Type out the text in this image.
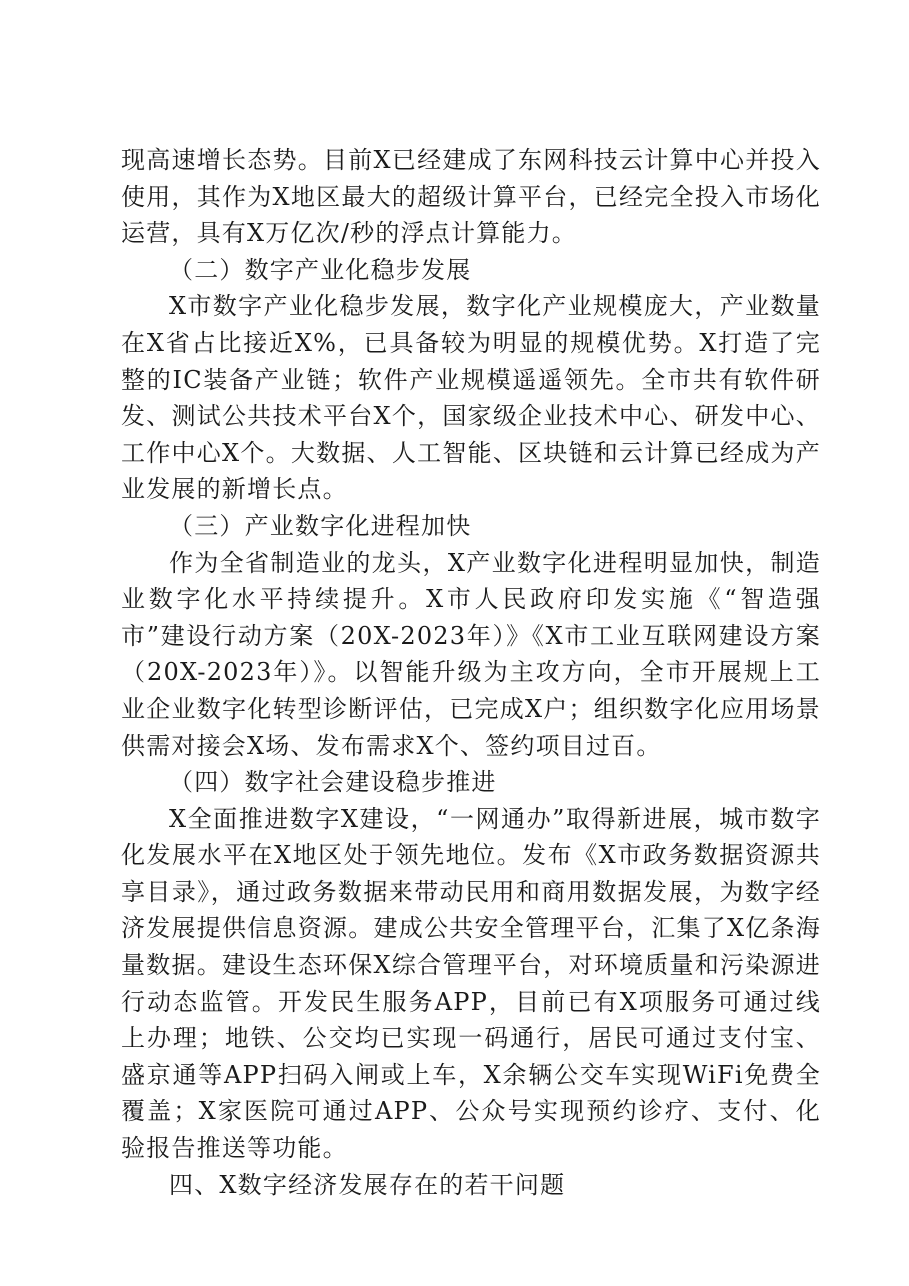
现高速增长态势。目前X已经建成了东网科技云计算中心并投入使用，其作为X地区最大的超级计算平台，已经完全投入市场化运营，具有X万亿次/秒的浮点计算能力。

（二）数字产业化稳步发展

X市数字产业化稳步发展，数字化产业规模庞大，产业数量在X省占比接近X%，已具备较为明显的规模优势。X打造了完整的IC装备产业链；软件产业规模遥遥领先。全市共有软件研发、测试公共技术平台X个，国家级企业技术中心、研发中心、工作中心X个。大数据、人工智能、区块链和云计算已经成为产业发展的新增长点。

（三）产业数字化进程加快

作为全省制造业的龙头，X产业数字化进程明显加快，制造业数字化水平持续提升。X市人民政府印发实施《“智造强市”建设行动方案（20X-2023年）》《X市工业互联网建设方案（20X-2023年）》。以智能升级为主攻方向，全市开展规上工业企业数字化转型诊断评估，已完成X户；组织数字化应用场景供需对接会X场、发布需求X个、签约项目过百。

（四）数字社会建设稳步推进

X全面推进数字X建设，“一网通办”取得新进展，城市数字化发展水平在X地区处于领先地位。发布《X市政务数据资源共享目录》，通过政务数据来带动民用和商用数据发展，为数字经济发展提供信息资源。建成公共安全管理平台，汇集了X亿条海量数据。建设生态环保X综合管理平台，对环境质量和污染源进行动态监管。开发民生服务APP，目前已有X项服务可通过线上办理；地铁、公交均已实现一码通行，居民可通过支付宝、盛京通等APP扫码入闸或上车，X余辆公交车实现WiFi免费全覆盖；X家医院可通过APP、公众号实现预约诊疗、支付、化验报告推送等功能。

四、X数字经济发展存在的若干问题
